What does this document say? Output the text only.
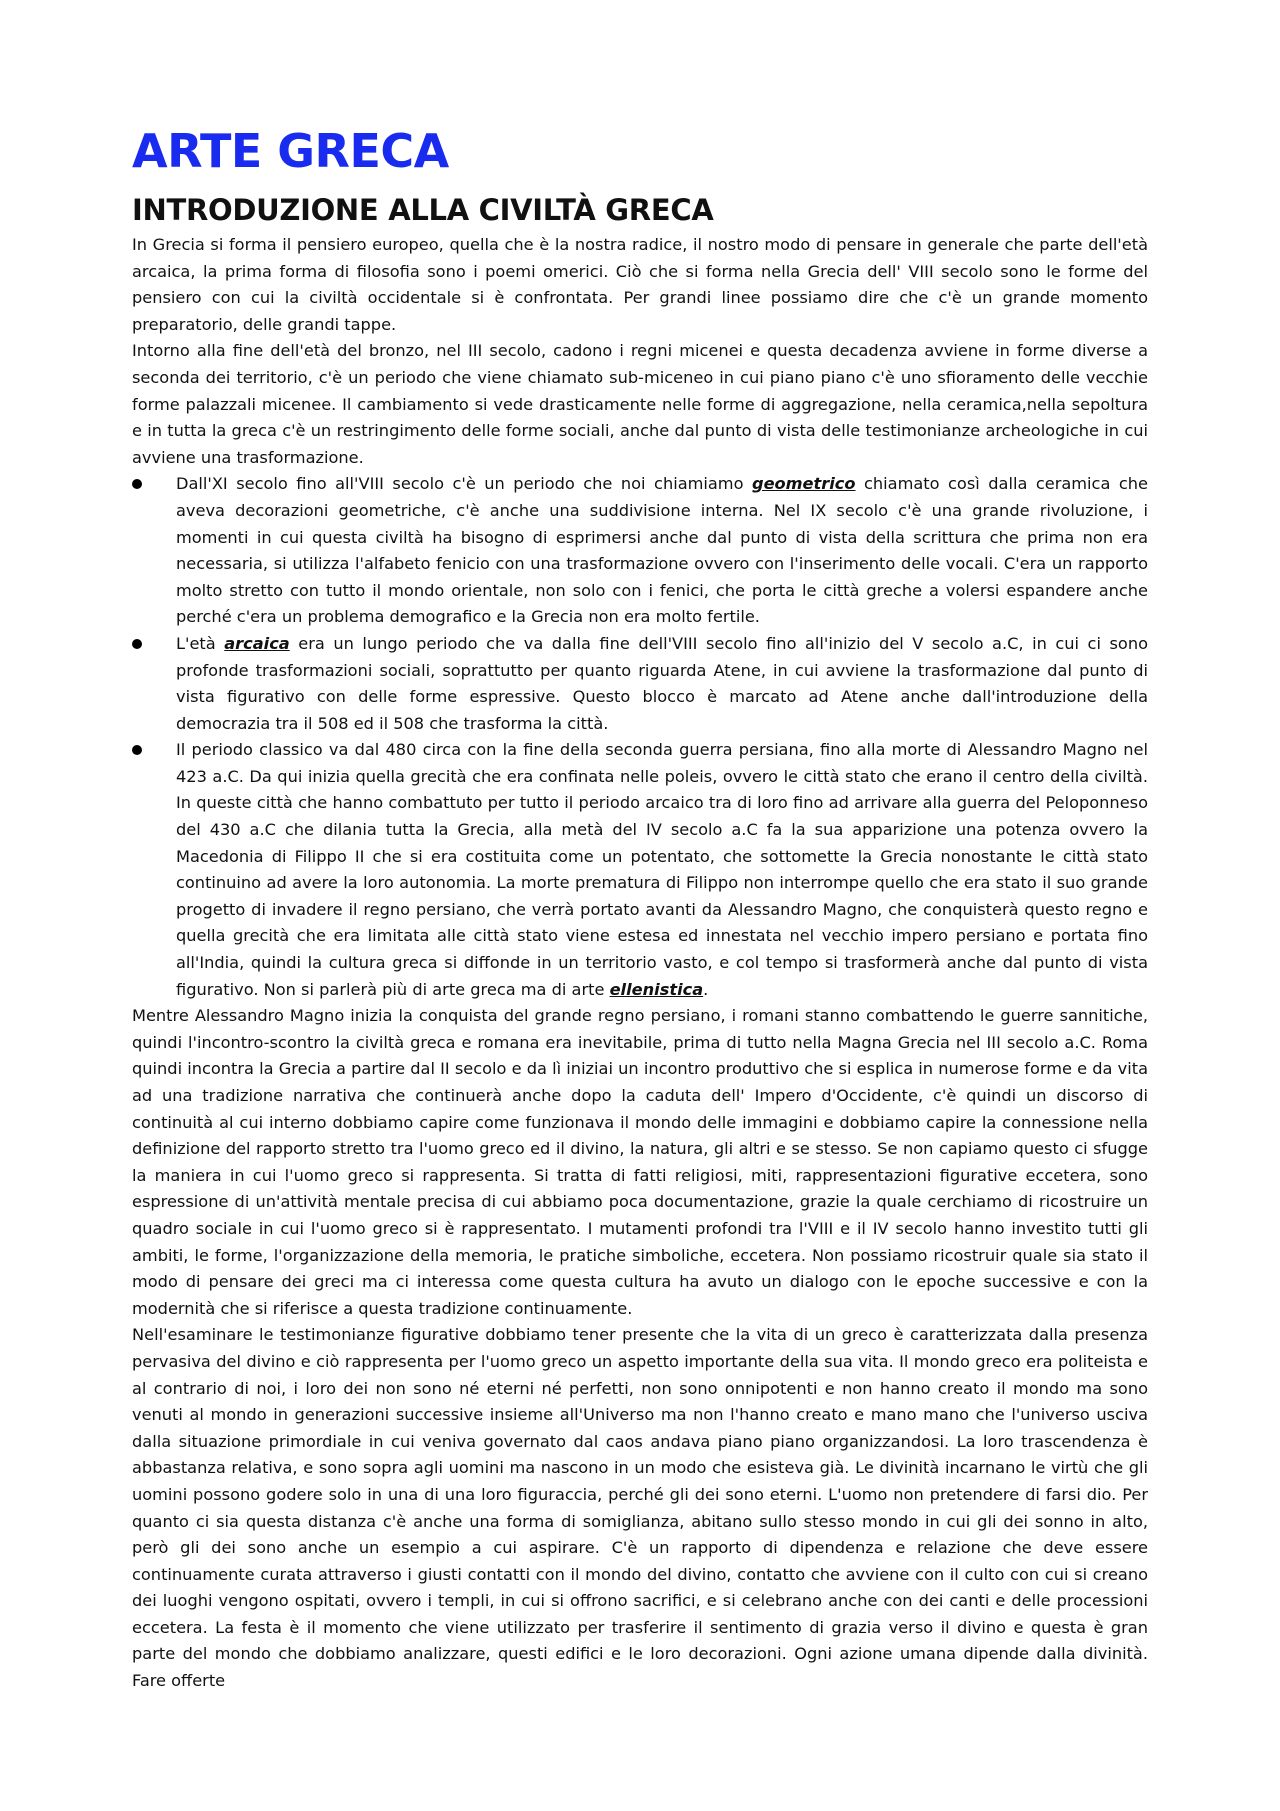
ARTE GRECA
INTRODUZIONE ALLA CIVILTÀ GRECA

In Grecia si forma il pensiero europeo, quella che è la nostra radice, il nostro modo di pensare in generale che parte dell'età arcaica, la prima forma di filosofia sono i poemi omerici. Ciò che si forma nella Grecia dell' VIII secolo sono le forme del pensiero con cui la civiltà occidentale si è confrontata. Per grandi linee possiamo dire che c'è un grande momento preparatorio, delle grandi tappe.

Intorno alla fine dell'età del bronzo, nel III secolo, cadono i regni micenei e questa decadenza avviene in forme diverse a seconda dei territorio, c'è un periodo che viene chiamato sub-miceneo in cui piano piano c'è uno sfioramento delle vecchie forme palazzali micenee. Il cambiamento si vede drasticamente nelle forme di aggregazione, nella ceramica,nella sepoltura e in tutta la greca c'è un restringimento delle forme sociali, anche dal punto di vista delle testimonianze archeologiche in cui avviene una trasformazione.

Dall'XI secolo fino all'VIII secolo c'è un periodo che noi chiamiamo geometrico chiamato così dalla ceramica che aveva decorazioni geometriche, c'è anche una suddivisione interna. Nel IX secolo c'è una grande rivoluzione, i momenti in cui questa civiltà ha bisogno di esprimersi anche dal punto di vista della scrittura che prima non era necessaria, si utilizza l'alfabeto fenicio con una trasformazione ovvero con l'inserimento delle vocali. C'era un rapporto molto stretto con tutto il mondo orientale, non solo con i fenici, che porta le città greche a volersi espandere anche perché c'era un problema demografico e la Grecia non era molto fertile.
L'età arcaica era un lungo periodo che va dalla fine dell'VIII secolo fino all'inizio del V secolo a.C, in cui ci sono profonde trasformazioni sociali, soprattutto per quanto riguarda Atene, in cui avviene la trasformazione dal punto di vista figurativo con delle forme espressive. Questo blocco è marcato ad Atene anche dall'introduzione della democrazia tra il 508 ed il 508 che trasforma la città.
Il periodo classico va dal 480 circa con la fine della seconda guerra persiana, fino alla morte di Alessandro Magno nel 423 a.C. Da qui inizia quella grecità che era confinata nelle poleis, ovvero le città stato che erano il centro della civiltà. In queste città che hanno combattuto per tutto il periodo arcaico tra di loro fino ad arrivare alla guerra del Peloponneso del 430 a.C che dilania tutta la Grecia, alla metà del IV secolo a.C fa la sua apparizione una potenza ovvero la Macedonia di Filippo II che si era costituita come un potentato, che sottomette la Grecia nonostante le città stato continuino ad avere la loro autonomia. La morte prematura di Filippo non interrompe quello che era stato il suo grande progetto di invadere il regno persiano, che verrà portato avanti da Alessandro Magno, che conquisterà questo regno e quella grecità che era limitata alle città stato viene estesa ed innestata nel vecchio impero persiano e portata fino all'India, quindi la cultura greca si diffonde in un territorio vasto, e col tempo si trasformerà anche dal punto di vista figurativo. Non si parlerà più di arte greca ma di arte ellenistica.

Mentre Alessandro Magno inizia la conquista del grande regno persiano, i romani stanno combattendo le guerre sannitiche, quindi l'incontro-scontro la civiltà greca e romana era inevitabile, prima di tutto nella Magna Grecia nel III secolo a.C. Roma quindi incontra la Grecia a partire dal II secolo e da lì iniziai un incontro produttivo che si esplica in numerose forme e da vita ad una tradizione narrativa che continuerà anche dopo la caduta dell' Impero d'Occidente, c'è quindi un discorso di continuità al cui interno dobbiamo capire come funzionava il mondo delle immagini e dobbiamo capire la connessione nella definizione del rapporto stretto tra l'uomo greco ed il divino, la natura, gli altri e se stesso. Se non capiamo questo ci sfugge la maniera in cui l'uomo greco si rappresenta. Si tratta di fatti religiosi, miti, rappresentazioni figurative eccetera, sono espressione di un'attività mentale precisa di cui abbiamo poca documentazione, grazie la quale cerchiamo di ricostruire un quadro sociale in cui l'uomo greco si è rappresentato. I mutamenti profondi tra l'VIII e il IV secolo hanno investito tutti gli ambiti, le forme, l'organizzazione della memoria, le pratiche simboliche, eccetera. Non possiamo ricostruir quale sia stato il modo di pensare dei greci ma ci interessa come questa cultura ha avuto un dialogo con le epoche successive e con la modernità che si riferisce a questa tradizione continuamente.

Nell'esaminare le testimonianze figurative dobbiamo tener presente che la vita di un greco è caratterizzata dalla presenza pervasiva del divino e ciò rappresenta per l'uomo greco un aspetto importante della sua vita. Il mondo greco era politeista e al contrario di noi, i loro dei non sono né eterni né perfetti, non sono onnipotenti e non hanno creato il mondo ma sono venuti al mondo in generazioni successive insieme all'Universo ma non l'hanno creato e mano mano che l'universo usciva dalla situazione primordiale in cui veniva governato dal caos andava piano piano organizzandosi. La loro trascendenza è abbastanza relativa, e sono sopra agli uomini ma nascono in un modo che esisteva già. Le divinità incarnano le virtù che gli uomini possono godere solo in una di una loro figuraccia, perché gli dei sono eterni. L'uomo non pretendere di farsi dio. Per quanto ci sia questa distanza c'è anche una forma di somiglianza, abitano sullo stesso mondo in cui gli dei sonno in alto, però gli dei sono anche un esempio a cui aspirare. C'è un rapporto di dipendenza e relazione che deve essere continuamente curata attraverso i giusti contatti con il mondo del divino, contatto che avviene con il culto con cui si creano dei luoghi vengono ospitati, ovvero i templi, in cui si offrono sacrifici, e si celebrano anche con dei canti e delle processioni eccetera. La festa è il momento che viene utilizzato per trasferire il sentimento di grazia verso il divino e questa è gran parte del mondo che dobbiamo analizzare, questi edifici e le loro decorazioni. Ogni azione umana dipende dalla divinità. Fare offerte
